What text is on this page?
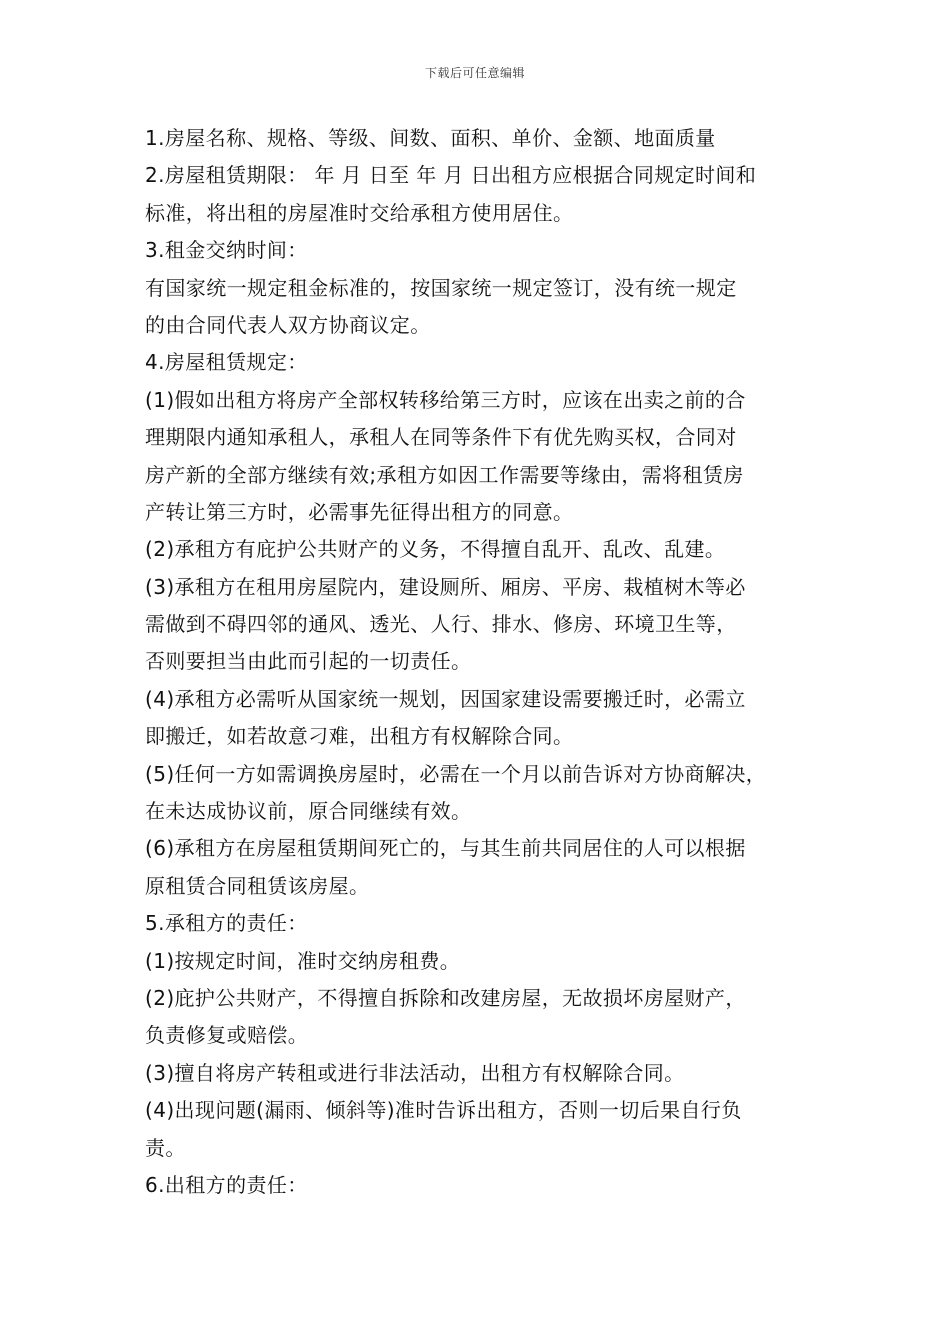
下载后可任意编辑
1.房屋名称、规格、等级、间数、面积、单价、金额、地面质量
2.房屋租赁期限： 年 月 日至 年 月 日出租方应根据合同规定时间和
标准，将出租的房屋准时交给承租方使用居住。
3.租金交纳时间：
有国家统一规定租金标准的，按国家统一规定签订，没有统一规定
的由合同代表人双方协商议定。
4.房屋租赁规定：
(1)假如出租方将房产全部权转移给第三方时，应该在出卖之前的合
理期限内通知承租人，承租人在同等条件下有优先购买权，合同对
房产新的全部方继续有效;承租方如因工作需要等缘由，需将租赁房
产转让第三方时，必需事先征得出租方的同意。
(2)承租方有庇护公共财产的义务，不得擅自乱开、乱改、乱建。
(3)承租方在租用房屋院内，建设厕所、厢房、平房、栽植树木等必
需做到不碍四邻的通风、透光、人行、排水、修房、环境卫生等，
否则要担当由此而引起的一切责任。
(4)承租方必需听从国家统一规划，因国家建设需要搬迁时，必需立
即搬迁，如若故意刁难，出租方有权解除合同。
(5)任何一方如需调换房屋时，必需在一个月以前告诉对方协商解决，
在未达成协议前，原合同继续有效。
(6)承租方在房屋租赁期间死亡的，与其生前共同居住的人可以根据
原租赁合同租赁该房屋。
5.承租方的责任：
(1)按规定时间，准时交纳房租费。
(2)庇护公共财产，不得擅自拆除和改建房屋，无故损坏房屋财产，
负责修复或赔偿。
(3)擅自将房产转租或进行非法活动，出租方有权解除合同。
(4)出现问题(漏雨、倾斜等)准时告诉出租方，否则一切后果自行负
责。
6.出租方的责任：
